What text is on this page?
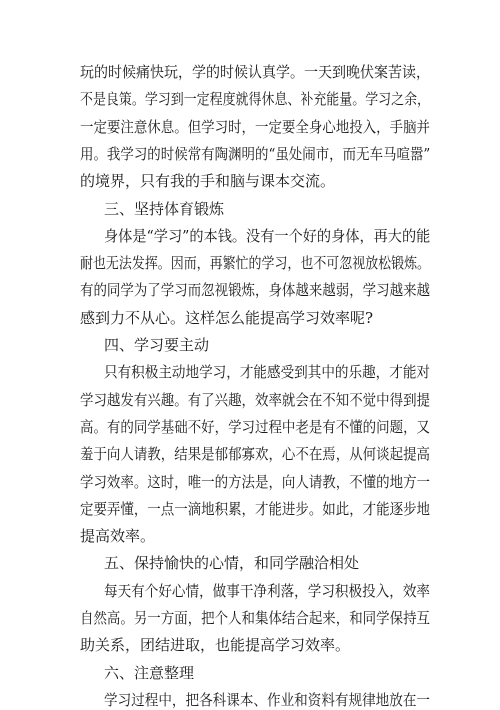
玩的时候痛快玩，学的时候认真学。一天到晚伏案苦读，
不是良策。学习到一定程度就得休息、补充能量。学习之余，
一定要注意休息。但学习时，一定要全身心地投入，手脑并
用。我学习的时候常有陶渊明的“虽处闹市，而无车马喧嚣”
的境界，只有我的手和脑与课本交流。
三、坚持体育锻炼
身体是“学习”的本钱。没有一个好的身体，再大的能
耐也无法发挥。因而，再繁忙的学习，也不可忽视放松锻炼。
有的同学为了学习而忽视锻炼，身体越来越弱，学习越来越
感到力不从心。这样怎么能提高学习效率呢?
四、学习要主动
只有积极主动地学习，才能感受到其中的乐趣，才能对
学习越发有兴趣。有了兴趣，效率就会在不知不觉中得到提
高。有的同学基础不好，学习过程中老是有不懂的问题，又
羞于向人请教，结果是郁郁寡欢，心不在焉，从何谈起提高
学习效率。这时，唯一的方法是，向人请教，不懂的地方一
定要弄懂，一点一滴地积累，才能进步。如此，才能逐步地
提高效率。
五、保持愉快的心情，和同学融洽相处
每天有个好心情，做事干净利落，学习积极投入，效率
自然高。另一方面，把个人和集体结合起来，和同学保持互
助关系，团结进取，也能提高学习效率。
六、注意整理
学习过程中，把各科课本、作业和资料有规律地放在一
